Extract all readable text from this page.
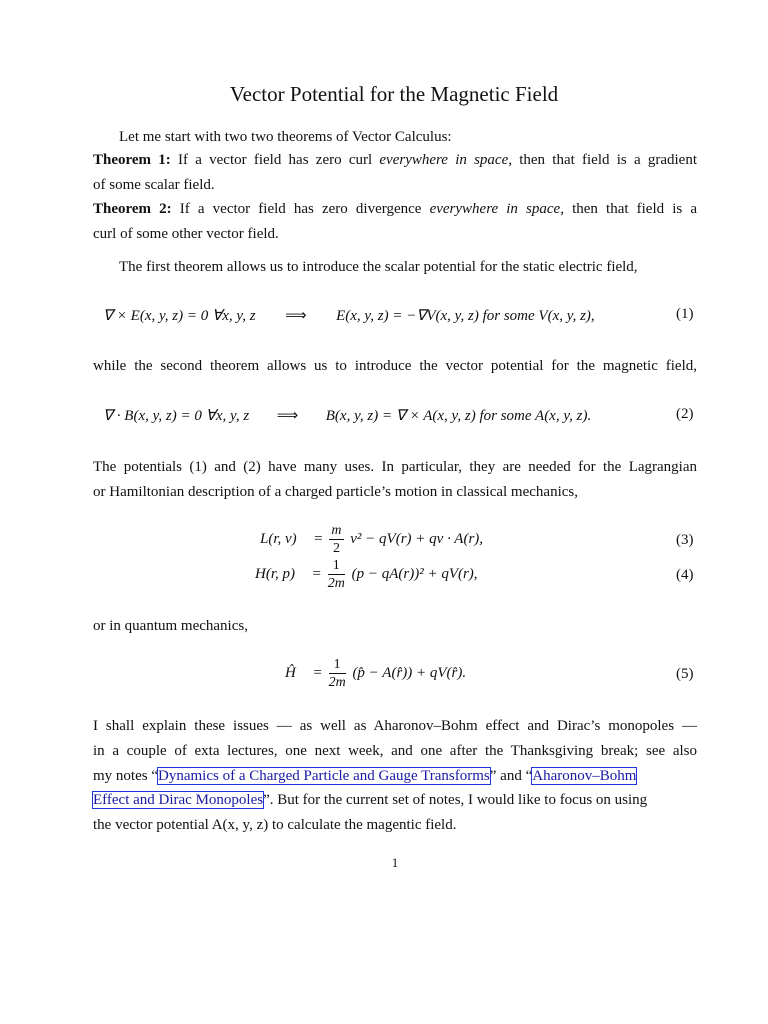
Vector Potential for the Magnetic Field
Let me start with two two theorems of Vector Calculus:
Theorem 1: If a vector field has zero curl everywhere in space, then that field is a gradient
of some scalar field.
Theorem 2: If a vector field has zero divergence everywhere in space, then that field is a
curl of some other vector field.
The first theorem allows us to introduce the scalar potential for the static electric field,
∇ × E(x, y, z) = 0 ∀x, y, z ⟹ E(x, y, z) = −∇V(x, y, z) for some V(x, y, z),	(1)
while the second theorem allows us to introduce the vector potential for the magnetic field,
∇ · B(x, y, z) = 0 ∀x, y, z ⟹ B(x, y, z) = ∇ × A(x, y, z) for some A(x, y, z).	(2)
The potentials (1) and (2) have many uses. In particular, they are needed for the Lagrangian
or Hamiltonian description of a charged particle’s motion in classical mechanics,
L(r, $v) = \frac{m}{2} v^2 - qV(r)$ + qv · A(r),	(3)
H(r, $p) = \frac{1}{2m} (p - qA(r))^2 + qV(r)$,	(4)
or in quantum mechanics,
Ĥ = $\frac{1}{2m}$ (p̂ − A(r̂)) + qV(r̂).	(5)
I shall explain these issues — as well as Aharonov–Bohm effect and Dirac’s monopoles —
in a couple of exta lectures, one next week, and one after the Thanksgiving break; see also
my notes “Dynamics of a Charged Particle and Gauge Transforms” and “Aharonov–Bohm
Effect and Dirac Monopoles”. But for the current set of notes, I would like to focus on using
the vector potential A(x, y, z) to calculate the magentic field.
1
